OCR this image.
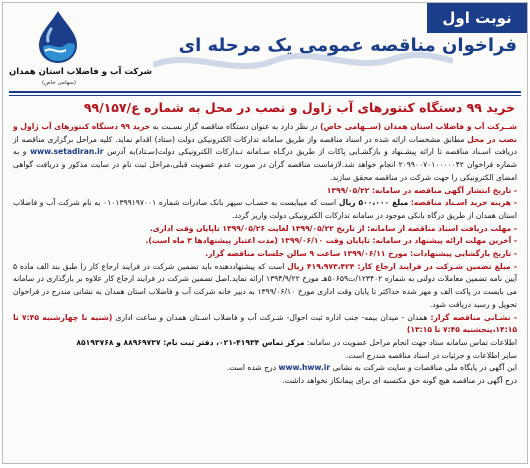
شرکت آب و فاضلاب استان همدان
(سهامی خاص)
نوبت اول
فراخوان مناقصه عمومی یک مرحله ای
خرید ۹۹ دستگاه کنتورهای آب ژاول و نصب در محل به شماره ع/۹۹/۱۵۷

شــرکت آب و فاضلاب استان همدان (ســهامی خاص) در نظر دارد به عنوان دستگاه مناقصه گزار نسـبت به خرید ۹۹ دستگاه کنتورهای آب ژاول و نصب در محل مطابق مشخصات ارائه شده در اسناد مناقصه واز طریق سامانه تدارکات الکترونیکی دولت (ستاد) اقدام نماید. کلیه مراحل برگزاری مناقصه از دریافت اسـناد مناقصه تا ارائه پیشـنهاد و بازگشـایی پاکات از طریق درگـاه سـامانه تـدارکات الکترونیکی دولت(سـتاد)به آدرس www.setadiran.ir و به شماره فراخوان ۲۰۹۹۰۰۷۰۱۰۰۰۰۰۴۲ انجام خواهد شد.لازماست مناقصه گران در صورت عدم عضویت قبلی،مراحل ثبت نام در سایت مذکور و دریافت گواهی امضای الکترونیکی را جهت شرکت در مناقصه محقق سازند.

- تاریخ انتشار آگهی مناقصه در سامانه: ۱۳۹۹/۰۵/۲۲

- هزینه خرید اسـناد مناقصه: مبلغ ۵۰۰،۰۰۰ ریال است که میبایست به حسـاب سپهر بانک صادرات شماره ۰۱۰۱۳۹۹۱۹۷۰۰۱ به نام شرکت آب و فاضلاب استان همدان از طریق درگاه بانکی موجود در سامانه تدارکات الکترونیکی دولت واریز گردد.

- مهلت دریافت اسناد مناقصه از سامانه: از تاریخ ۱۳۹۹/۰۵/۲۲ لغایت ۱۳۹۹/۰۵/۲۶ تاپایان وقت اداری.

- آخرین مهلت ارائه پیشنهاد در سامانه: تاپایان وقت ۱۳۹۹/۰۶/۱۰ (مدت اعتبار پیشنهادها ۳ ماه است).

- تاریخ بازگشایی پیشنهادات: مورخ ۱۳۹۹/۰۶/۱۱ ساعت ۹ سالن جلسات مناقصه گزار.

- مبلغ تضمین شـرکت در فرایند ارجاع کار: ۴۱۹،۹۷۳،۴۲۴ ریال است که پیشنهاددهنده باید تضمین شرکت در فرایند ارجاع کار را طبق بند الف ماده ۵ آیین نامه تضمین معاملات دولتی به شماره ۱۲۳۴۰۲/ت۵۰۶۵۹هـ مورخ ۱۳۹۴/۹/۲۲ ارائه نماید.اصل تضمین شرکت در فرایند ارجاع کار علاوه بر بارگذاری در سامانه می بایست در پاکت الف و مهر شده حداکثر تا پایان وقت اداری مورخ ۱۳۹۹/۰۶/۱۰ به دبیر خانه شرکت آب و فاضلاب استان همدان به نشانی مندرج در فراخوان تحویل و رسید دریافت شود.

- نشـانی مناقصه گزار: همدان - میدان بیمه- جنب اداره ثبت احوال- شـرکت آب و فاضلاب اسـتان همدان و ساعت اداری (شنبه تا چهارشنبه ۷:۴۵ تا ۱۴:۱۵،پنجشنبه ۷:۴۵ تا ۱۳:۱۵)

اطلاعات تماس سامانه ستاد جهت انجام مراحل عضویت در سامانه: مرکز تماس ۴۱۹۳۴-۰۲۱، دفتر ثبت نام: ۸۸۹۶۹۷۳۷ و ۸۵۱۹۳۷۶۸

سایر اطلاعات و جزئیات در اسناد مناقصه مندرج است.

این آگهی در پایگاه ملی مناقصات و سایت شرکت به نشانی www.hww.ir درج شده است.

درج آگهی در مناقصه هیچ گونه حق مکتسبه ای برای پیمانکار نخواهد داشت.
